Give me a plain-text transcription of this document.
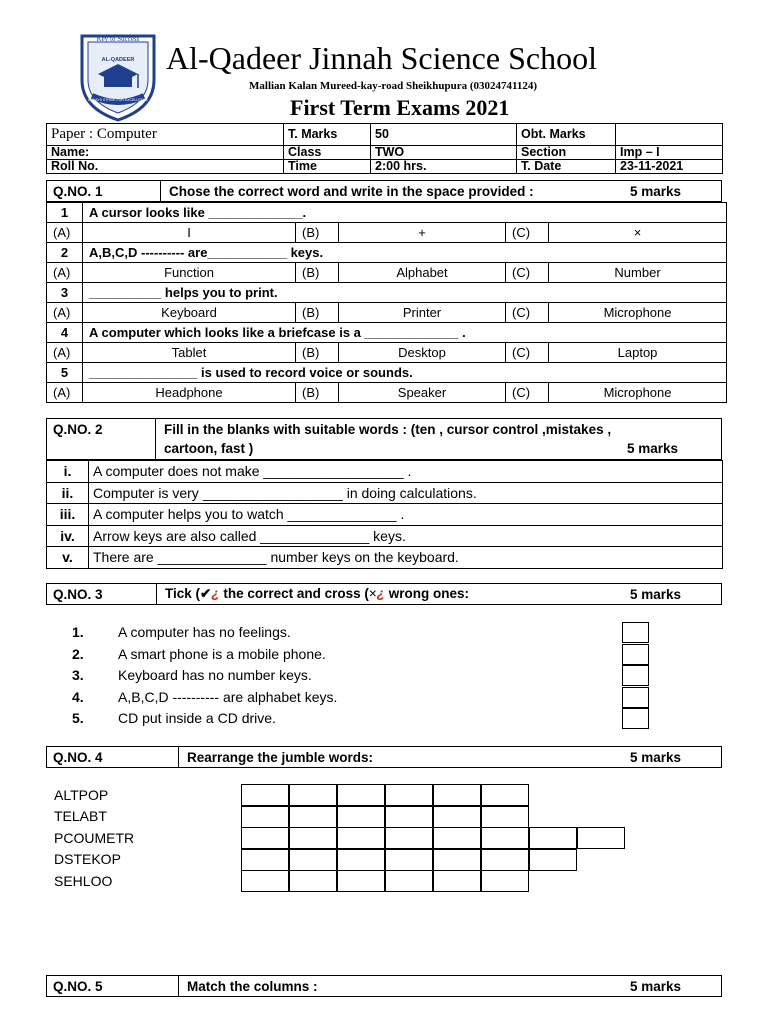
Key to Success
AL-QADEER
ALWAYS STRIVE FOR EXCELLENCE
Al-Qadeer Jinnah Science School
Mallian Kalan Mureed-kay-road Sheikhupura (03024741124)
First Term Exams 2021
Paper : Computer	T. Marks	50	Obt. Marks	
Name:	Class	TWO	Section	Imp – I
Roll No.	Time	2:00 hrs.	T. Date	23-11-2021
Q.NO. 1	Chose the correct word and write in the space provided :	5 marks
1	A cursor looks like _____________.				
(A)	I	(B)	+	(C)	×
2	A,B,C,D ---------- are___________ keys.				
(A)	Function	(B)	Alphabet	(C)	Number
3	__________ helps you to print.				
(A)	Keyboard	(B)	Printer	(C)	Microphone
4	A computer which looks like a briefcase is a _____________ .				
(A)	Tablet	(B)	Desktop	(C)	Laptop
5	_______________ is used to record voice or sounds.				
(A)	Headphone	(B)	Speaker	(C)	Microphone
Q.NO. 2	Fill in the blanks with suitable words : (ten , cursor control ,mistakes ,
cartoon, fast )	5 marks
i.	A computer does not make __________________ .
ii.	Computer is very __________________ in doing calculations.
iii.	A computer helps you to watch ______________ .
iv.	Arrow keys are also called ______________ keys.
v.	There are ______________ number keys on the keyboard.
Q.NO. 3	Tick (✔¿ the correct and cross (×¿ wrong ones:	5 marks
1. A computer has no feelings.
2. A smart phone is a mobile phone.
3. Keyboard has no number keys.
4. A,B,C,D ---------- are alphabet keys.
5. CD put inside a CD drive.
Q.NO. 4	Rearrange the jumble words:	5 marks
ALTPOP
TELABT
PCOUMETR
DSTEKOP
SEHLOO
Q.NO. 5	Match the columns :	5 marks
